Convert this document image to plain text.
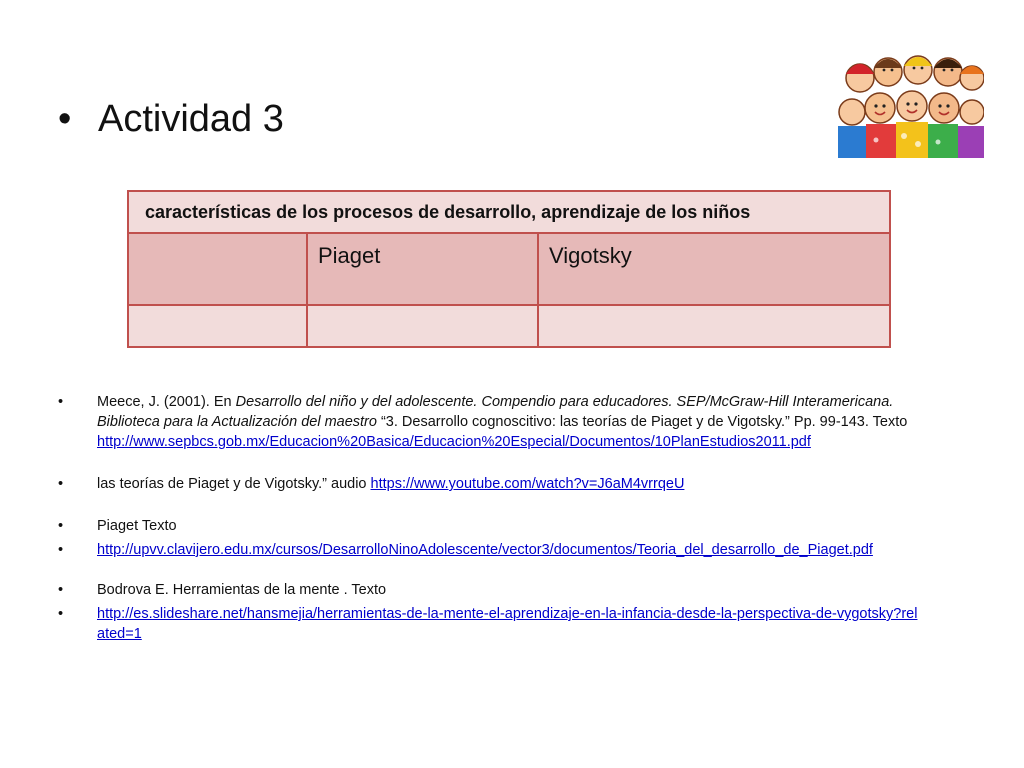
• Actividad 3
características de los procesos de desarrollo, aprendizaje de los niños		

	Piaget	Vigotsky

• Meece, J. (2001). En Desarrollo del niño y del adolescente. Compendio para educadores. SEP/McGraw-Hill Interamericana. Biblioteca para la Actualización del maestro “3. Desarrollo cognoscitivo: las teorías de Piaget y de Vigotsky.” Pp. 99-143. Texto http://www.sepbcs.gob.mx/Educacion%20Basica/Educacion%20Especial/Documentos/10PlanEstudios2011.pdf
• las teorías de Piaget y de Vigotsky.” audio https://www.youtube.com/watch?v=J6aM4vrrqeU
• Piaget Texto
• http://upvv.clavijero.edu.mx/cursos/DesarrolloNinoAdolescente/vector3/documentos/Teoria_del_desarrollo_de_Piaget.pdf
• Bodrova E. Herramientas de la mente . Texto
• http://es.slideshare.net/hansmejia/herramientas-de-la-mente-el-aprendizaje-en-la-infancia-desde-la-perspectiva-de-vygotsky?related=1
